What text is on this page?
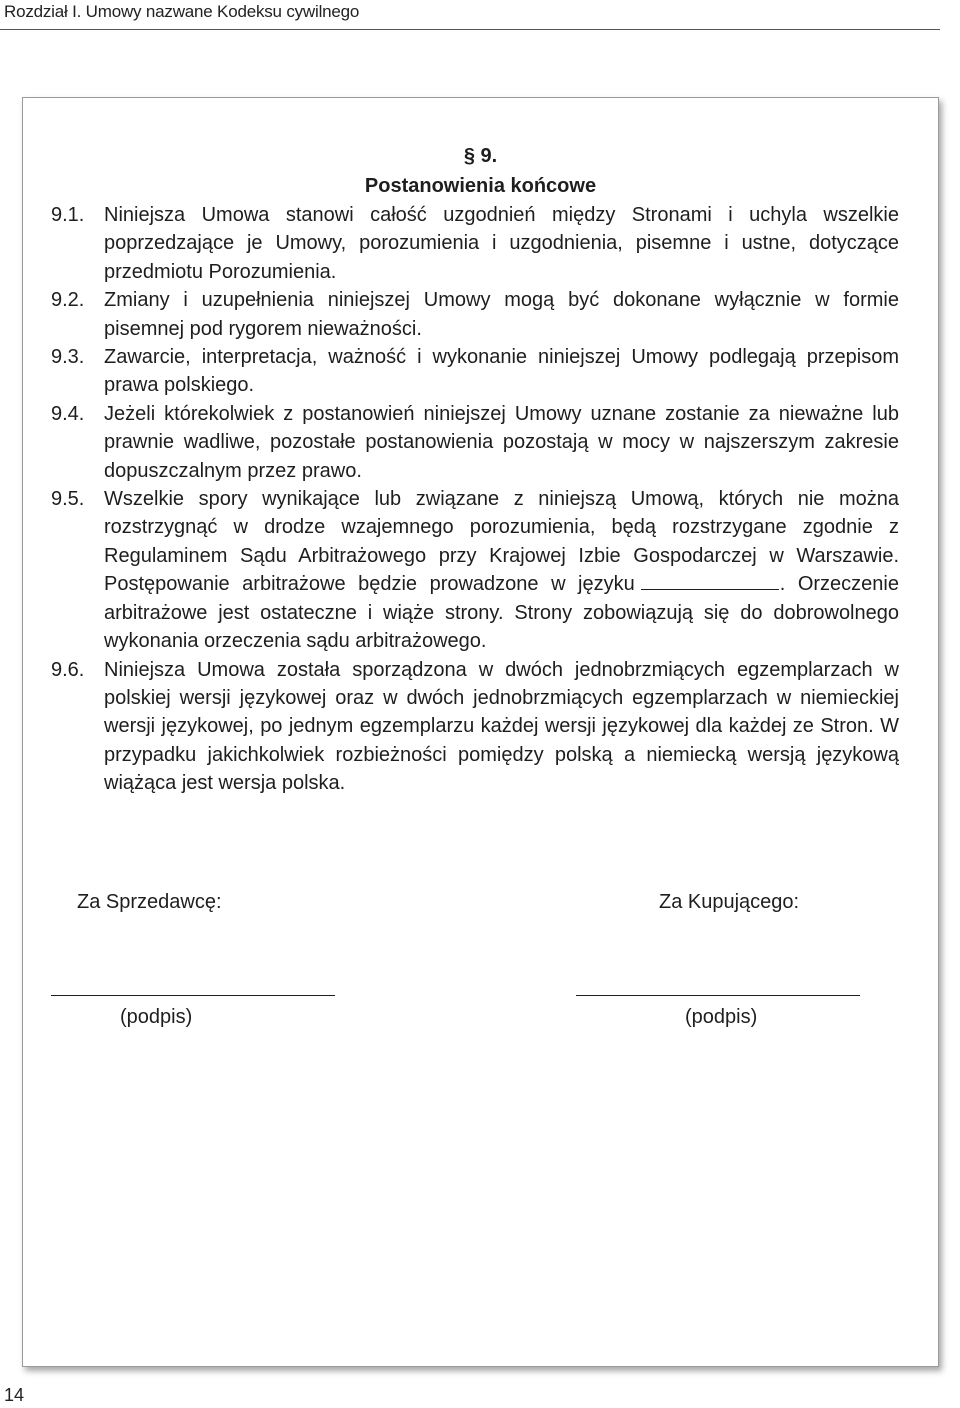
Rozdział I. Umowy nazwane Kodeksu cywilnego
§ 9.
Postanowienia końcowe
9.1. Niniejsza Umowa stanowi całość uzgodnień między Stronami i uchyla wszelkie poprzedzające je Umowy, porozumienia i uzgodnienia, pisemne i ustne, dotyczące przedmiotu Porozumienia.
9.2. Zmiany i uzupełnienia niniejszej Umowy mogą być dokonane wyłącznie w formie pisemnej pod rygorem nieważności.
9.3. Zawarcie, interpretacja, ważność i wykonanie niniejszej Umowy podlegają przepisom prawa polskiego.
9.4. Jeżeli którekolwiek z postanowień niniejszej Umowy uznane zostanie za nieważne lub prawnie wadliwe, pozostałe postanowienia pozostają w mocy w najszerszym zakresie dopuszczalnym przez prawo.
9.5. Wszelkie spory wynikające lub związane z niniejszą Umową, których nie można rozstrzygnąć w drodze wzajemnego porozumienia, będą rozstrzygane zgodnie z Regulaminem Sądu Arbitrażowego przy Krajowej Izbie Gospodarczej w Warszawie. Postępowanie arbitrażowe będzie prowadzone w języku	. Orzeczenie arbitrażowe jest ostateczne i wiąże strony. Strony zobowiązują się do dobrowolnego wykonania orzeczenia sądu arbitrażowego.
9.6. Niniejsza Umowa została sporządzona w dwóch jednobrzmiących egzemplarzach w polskiej wersji językowej oraz w dwóch jednobrzmiących egzemplarzach w niemieckiej wersji językowej, po jednym egzemplarzu każdej wersji językowej dla każdej ze Stron. W przypadku jakichkolwiek rozbieżności pomiędzy polską a niemiecką wersją językową wiążąca jest wersja polska.
Za Sprzedawcę:	Za Kupującego:
(podpis)	(podpis)
14
